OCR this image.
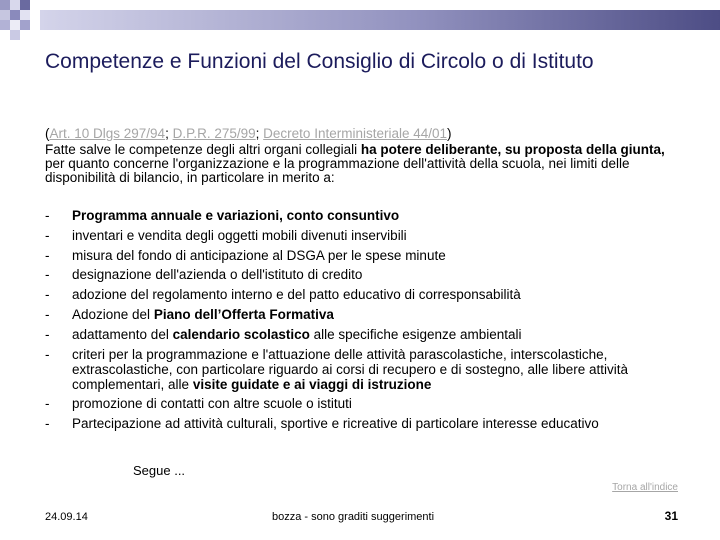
Competenze e Funzioni del Consiglio di Circolo o di Istituto
(Art. 10 Dlgs 297/94; D.P.R. 275/99; Decreto Interministeriale 44/01)
Fatte salve le competenze degli altri organi collegiali ha potere deliberante, su proposta della giunta, per quanto concerne l'organizzazione e la programmazione dell'attività della scuola, nei limiti delle disponibilità di bilancio, in particolare in merito a:
- Programma annuale e variazioni, conto consuntivo
- inventari e vendita degli oggetti mobili divenuti inservibili
- misura del fondo di anticipazione al DSGA per le spese minute
- designazione dell'azienda o dell'istituto di credito
- adozione del regolamento interno e del patto educativo di corresponsabilità
- Adozione del Piano dell’Offerta Formativa
- adattamento del calendario scolastico alle specifiche esigenze ambientali
- criteri per la programmazione e l'attuazione delle attività parascolastiche, interscolastiche, extrascolastiche, con particolare riguardo ai corsi di recupero e di sostegno, alle libere attività complementari, alle visite guidate e ai viaggi di istruzione
- promozione di contatti con altre scuole o istituti
- Partecipazione ad attività culturali, sportive e ricreative di particolare interesse educativo
Segue ...
Torna all'indice
24.09.14	bozza - sono graditi suggerimenti	31
